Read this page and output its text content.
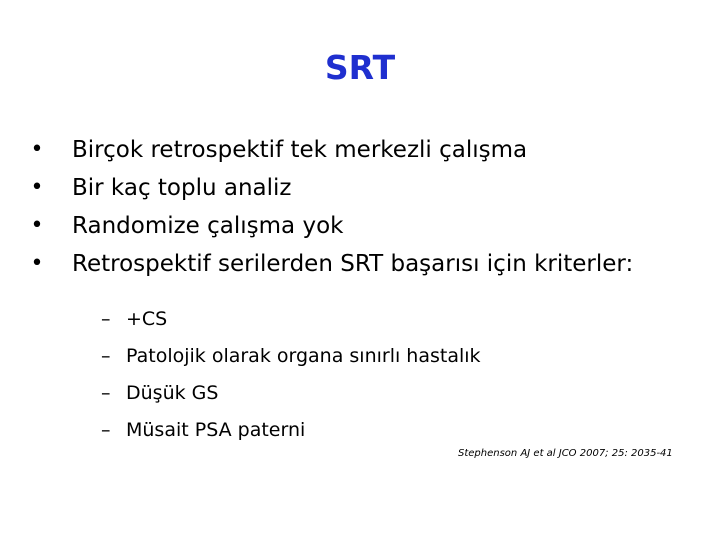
SRT
• Birçok retrospektif tek merkezli çalışma
• Bir kaç toplu analiz
• Randomize çalışma yok
• Retrospektif serilerden SRT başarısı için kriterler:
– +CS
– Patolojik olarak organa sınırlı hastalık
– Düşük GS
– Müsait PSA paterni
Stephenson AJ et al JCO 2007; 25: 2035-41
